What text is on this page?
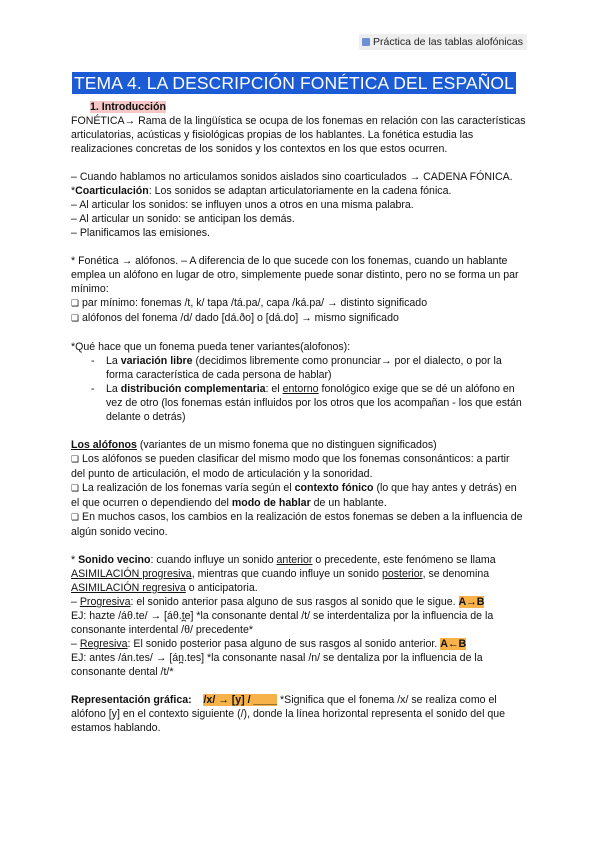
Práctica de las tablas alofónicas
TEMA 4. LA DESCRIPCIÓN FONÉTICA DEL ESPAÑOL
1. Introducción

FONÉTICA→ Rama de la lingüística se ocupa de los fonemas en relación con las características articulatorias, acústicas y fisiológicas propias de los hablantes. La fonética estudia las realizaciones concretas de los sonidos y los contextos en los que estos ocurren.

– Cuando hablamos no articulamos sonidos aislados sino coarticulados → CADENA FÓNICA. *Coarticulación: Los sonidos se adaptan articulatoriamente en la cadena fónica.

– Al articular los sonidos: se influyen unos a otros en una misma palabra.

– Al articular un sonido: se anticipan los demás.

– Planificamos las emisiones.

* Fonética → alófonos. – A diferencia de lo que sucede con los fonemas, cuando un hablante emplea un alófono en lugar de otro, simplemente puede sonar distinto, pero no se forma un par mínimo:

❏ par mínimo: fonemas /t, k/ tapa /tá.pa/, capa /ká.pa/ → distinto significado

❏ alófonos del fonema /d/ dado [dá.ðo] o [dá.do] → mismo significado

*Qué hace que un fonema pueda tener variantes(alofonos):

- La variación libre (decidimos libremente como pronunciar→ por el dialecto, o por la forma característica de cada persona de hablar)
- La distribución complementaria: el entorno fonológico exige que se dé un alófono en vez de otro (los fonemas están influidos por los otros que los acompañan - los que están delante o detrás)

Los alófonos (variantes de un mismo fonema que no distinguen significados)

❏ Los alófonos se pueden clasificar del mismo modo que los fonemas consonánticos: a partir del punto de articulación, el modo de articulación y la sonoridad.

❏ La realización de los fonemas varía según el contexto fónico (lo que hay antes y detrás) en el que ocurren o dependiendo del modo de hablar de un hablante.

❏ En muchos casos, los cambios en la realización de estos fonemas se deben a la influencia de algún sonido vecino.

* Sonido vecino: cuando influye un sonido anterior o precedente, este fenómeno se llama ASIMILACIÓN progresiva, mientras que cuando influye un sonido posterior, se denomina ASIMILACIÓN regresiva o anticipatoria.

– Progresiva: el sonido anterior pasa alguno de sus rasgos al sonido que le sigue. A→B

EJ: hazte /áθ.te/ → [áθ.t̪e] *la consonante dental /t/ se interdentaliza por la influencia de la consonante interdental /θ/ precedente*

– Regresiva: El sonido posterior pasa alguno de sus rasgos al sonido anterior. A←B

EJ: antes /án.tes/ → [án̪.tes] *la consonante nasal /n/ se dentaliza por la influencia de la consonante dental /t/*

Representación gráfica: /x/ → [y] / ____ *Significa que el fonema /x/ se realiza como el alófono [y] en el contexto siguiente (/), donde la línea horizontal representa el sonido del que estamos hablando.
